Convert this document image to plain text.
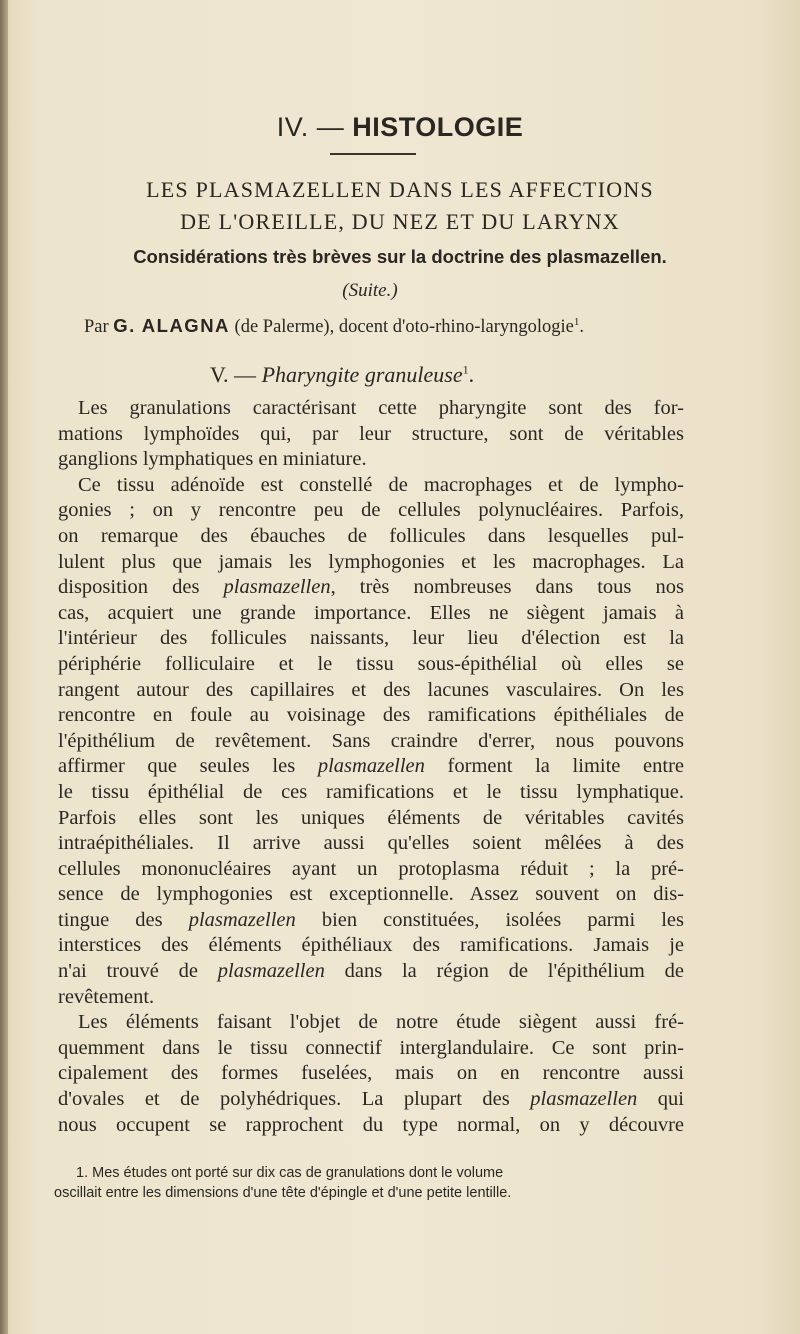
IV. — HISTOLOGIE
LES PLASMAZELLEN DANS LES AFFECTIONS
DE L'OREILLE, DU NEZ ET DU LARYNX
Considérations très brèves sur la doctrine des plasmazellen.
(Suite.)
Par G. ALAGNA (de Palerme), docent d'oto-rhino-laryngologie$^1$.
V. — Pharyngite granuleuse$^1$.
Les granulations caractérisant cette pharyngite sont des for-
mations lymphoïdes qui, par leur structure, sont de véritables
ganglions lymphatiques en miniature.
Ce tissu adénoïde est constellé de macrophages et de lympho-
gonies ; on y rencontre peu de cellules polynucléaires. Parfois,
on remarque des ébauches de follicules dans lesquelles pul-
lulent plus que jamais les lymphogonies et les macrophages. La
disposition des plasmazellen, très nombreuses dans tous nos
cas, acquiert une grande importance. Elles ne siègent jamais à
l'intérieur des follicules naissants, leur lieu d'élection est la
périphérie folliculaire et le tissu sous-épithélial où elles se
rangent autour des capillaires et des lacunes vasculaires. On les
rencontre en foule au voisinage des ramifications épithéliales de
l'épithélium de revêtement. Sans craindre d'errer, nous pouvons
affirmer que seules les plasmazellen forment la limite entre
le tissu épithélial de ces ramifications et le tissu lymphatique.
Parfois elles sont les uniques éléments de véritables cavités
intraépithéliales. Il arrive aussi qu'elles soient mêlées à des
cellules mononucléaires ayant un protoplasma réduit ; la pré-
sence de lymphogonies est exceptionnelle. Assez souvent on dis-
tingue des plasmazellen bien constituées, isolées parmi les
interstices des éléments épithéliaux des ramifications. Jamais je
n'ai trouvé de plasmazellen dans la région de l'épithélium de
revêtement.
Les éléments faisant l'objet de notre étude siègent aussi fré-
quemment dans le tissu connectif interglandulaire. Ce sont prin-
cipalement des formes fuselées, mais on en rencontre aussi
d'ovales et de polyhédriques. La plupart des plasmazellen qui
nous occupent se rapprochent du type normal, on y découvre
1. Mes études ont porté sur dix cas de granulations dont le volume
oscillait entre les dimensions d'une tête d'épingle et d'une petite lentille.
